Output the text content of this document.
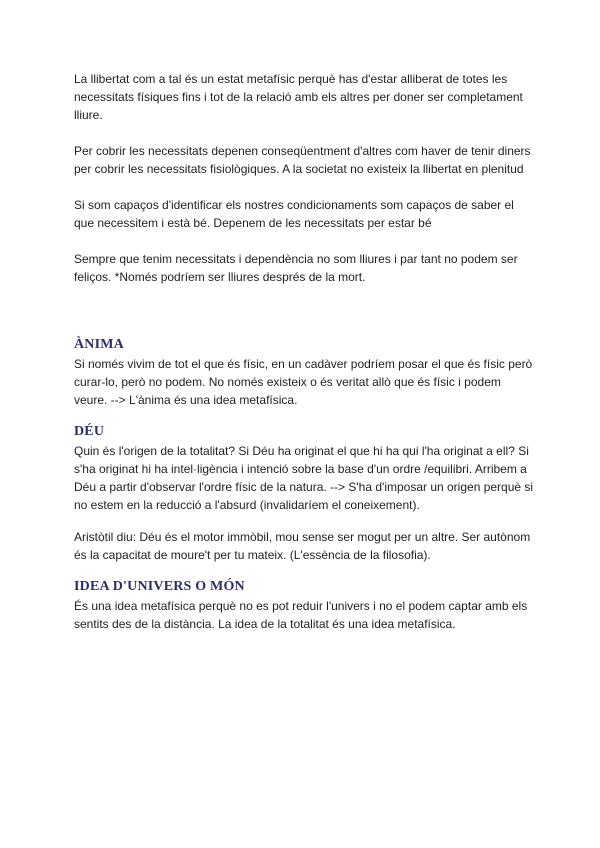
La llibertat com a tal és un estat metafísic perquè has d'estar alliberat de totes les necessitats físiques fins i tot de la relació amb els altres per doner ser completament lliure.

Per cobrir les necessitats depenen conseqüentment d'altres com haver de tenir diners per cobrir les necessitats fisiològiques. A la societat no existeix la llibertat en plenitud

Si som capaços d'identificar els nostres condicionaments som capaços de saber el que necessitem i està bé. Depenem de les necessitats per estar bé

Sempre que tenim necessitats i dependència no som lliures i par tant no podem ser feliços. *Només podríem ser lliures després de la mort.

ÀNIMA

Si només vivim de tot el que és físic, en un cadàver podríem posar el que és físic però curar-lo, però no podem. No només existeix o és veritat allò que és físic i podem veure. --> L'ànima és una idea metafísica.

DÉU

Quin és l'origen de la totalitat? Si Déu ha originat el que hi ha qui l'ha originat a ell? Si s'ha originat hi ha intel·ligència i intenció sobre la base d'un ordre /equilibri. Arribem a Déu a partir d'observar l'ordre físic de la natura. --> S'ha d'imposar un origen perquè si no estem en la reducció a l'absurd (invalidaríem el coneixement).

Aristòtil diu: Déu és el motor immòbil, mou sense ser mogut per un altre. Ser autònom és la capacitat de moure't per tu mateix. (L'essència de la filosofia).

IDEA D'UNIVERS O MÓN

És una idea metafísica perquè no es pot reduir l'univers i no el podem captar amb els sentits des de la distància. La idea de la totalitat és una idea metafísica.
